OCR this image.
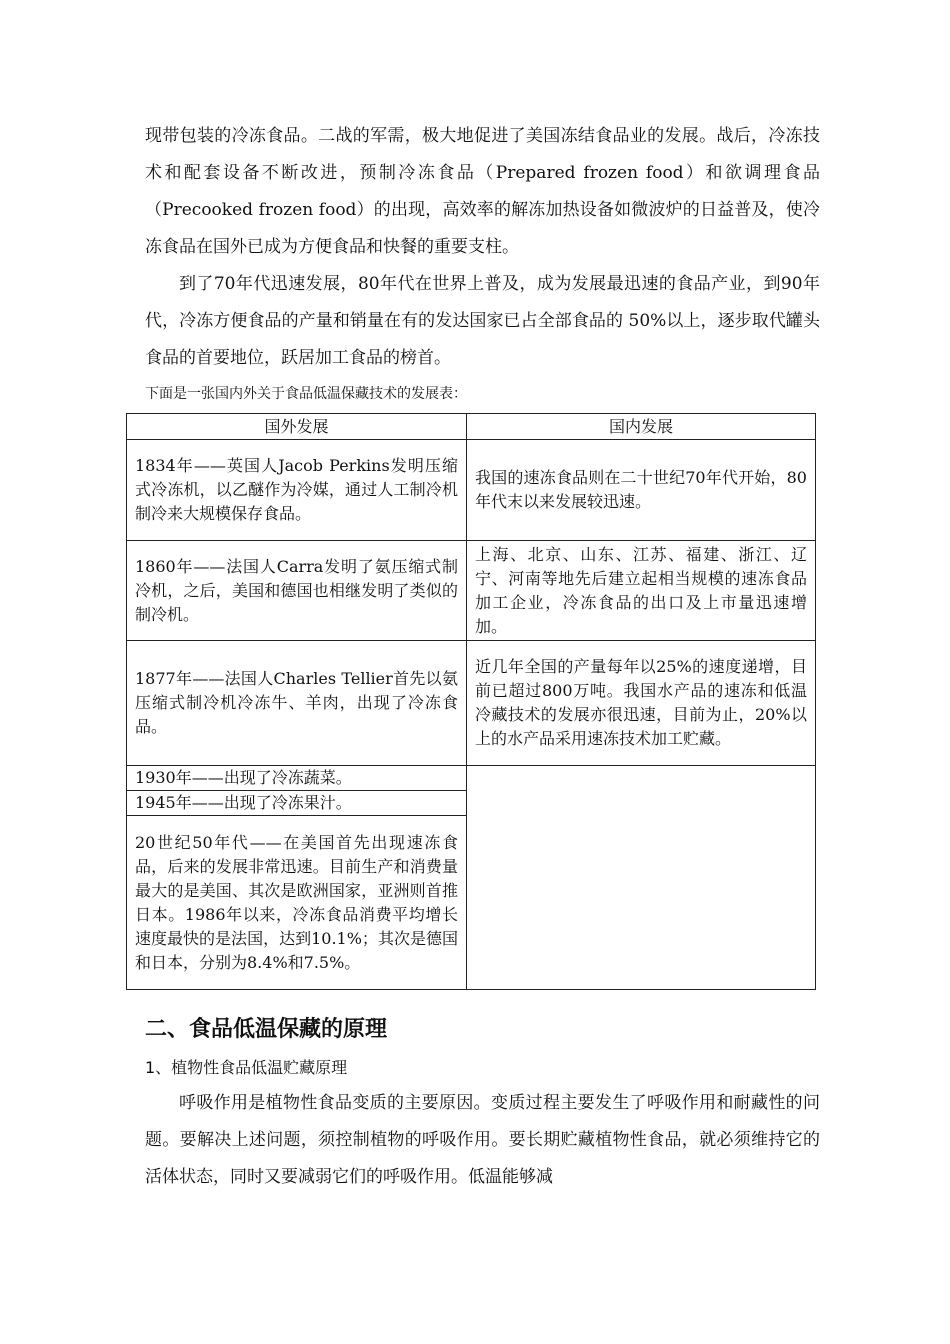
现带包装的冷冻食品。二战的军需，极大地促进了美国冻结食品业的发展。战后，冷冻技术和配套设备不断改进，预制冷冻食品（Prepared frozen food）和欲调理食品（Precooked frozen food）的出现，高效率的解冻加热设备如微波炉的日益普及，使冷冻食品在国外已成为方便食品和快餐的重要支柱。

到了70年代迅速发展，80年代在世界上普及，成为发展最迅速的食品产业，到90年代，冷冻方便食品的产量和销量在有的发达国家已占全部食品的 50%以上，逐步取代罐头食品的首要地位，跃居加工食品的榜首。

下面是一张国内外关于食品低温保藏技术的发展表：

国外发展	国内发展
1834年——英国人Jacob Perkins发明压缩式冷冻机，以乙醚作为冷媒，通过人工制冷机制冷来大规模保存食品。	我国的速冻食品则在二十世纪70年代开始，80年代末以来发展较迅速。
1860年——法国人Carra发明了氨压缩式制冷机，之后，美国和德国也相继发明了类似的制冷机。	上海、北京、山东、江苏、福建、浙江、辽宁、河南等地先后建立起相当规模的速冻食品加工企业，冷冻食品的出口及上市量迅速增加。
1877年——法国人Charles Tellier首先以氨压缩式制冷机冷冻牛、羊肉，出现了冷冻食品。	近几年全国的产量每年以25%的速度递增，目前已超过800万吨。我国水产品的速冻和低温冷藏技术的发展亦很迅速，目前为止，20%以上的水产品采用速冻技术加工贮藏。
1930年——出现了冷冻蔬菜。	
1945年——出现了冷冻果汁。	
20世纪50年代——在美国首先出现速冻食品，后来的发展非常迅速。目前生产和消费量最大的是美国、其次是欧洲国家，亚洲则首推日本。1986年以来，冷冻食品消费平均增长速度最快的是法国，达到10.1%；其次是德国和日本，分别为8.4%和7.5%。	
二、食品低温保藏的原理
1、植物性食品低温贮藏原理

呼吸作用是植物性食品变质的主要原因。变质过程主要发生了呼吸作用和耐藏性的问题。要解决上述问题，须控制植物的呼吸作用。要长期贮藏植物性食品，就必须维持它的活体状态，同时又要减弱它们的呼吸作用。低温能够减
